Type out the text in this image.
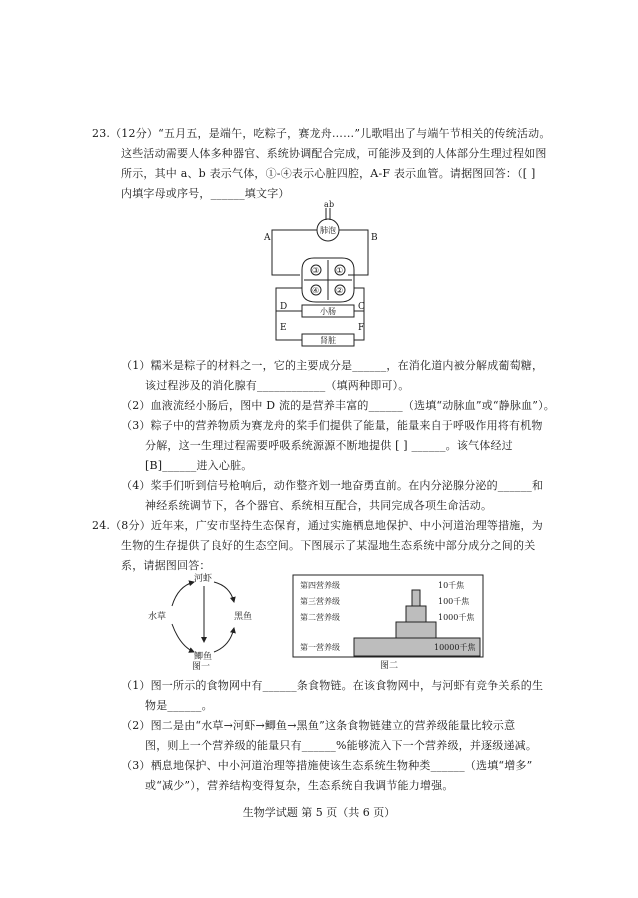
23.（12分）“五月五，是端午，吃粽子，赛龙舟……”儿歌唱出了与端午节相关的传统活动。
这些活动需要人体多种器官、系统协调配合完成，可能涉及到的人体部分生理过程如图
所示，其中 a、b 表示气体，①-④表示心脏四腔，A-F 表示血管。请据图回答：（[ ]
内填字母或序号，______填文字）
a b
肺泡
A	B
C
D
E	F
③ ①
④ ②
小肠
肾脏
（1）糯米是粽子的材料之一，它的主要成分是______，在消化道内被分解成葡萄糖，
该过程涉及的消化腺有____________（填两种即可）。
（2）血液流经小肠后，图中 D 流的是营养丰富的______（选填“动脉血”或“静脉血”）。
（3）粽子中的营养物质为赛龙舟的桨手们提供了能量，能量来自于呼吸作用将有机物
分解，这一生理过程需要呼吸系统源源不断地提供 [ ] ______。该气体经过
[B]______进入心脏。
（4）桨手们听到信号枪响后，动作整齐划一地奋勇直前。在内分泌腺分泌的______和
神经系统调节下，各个器官、系统相互配合，共同完成各项生命活动。
24.（8分）近年来，广安市坚持生态保育，通过实施栖息地保护、中小河道治理等措施，为
生物的生存提供了良好的生态空间。下图展示了某湿地生态系统中部分成分之间的关
系，请据图回答：
河虾
水草	黑鱼
鲫鱼
图一
第四营养级
第三营养级
第二营养级
第一营养级
10千焦
100千焦
1000千焦
10000千焦
图二
（1）图一所示的食物网中有______条食物链。在该食物网中，与河虾有竞争关系的生
物是______。
（2）图二是由“水草→河虾→鲫鱼→黑鱼”这条食物链建立的营养级能量比较示意
图，则上一个营养级的能量只有______%能够流入下一个营养级，并逐级递减。
（3）栖息地保护、中小河道治理等措施使该生态系统生物种类______（选填“增多”
或“减少”），营养结构变得复杂，生态系统自我调节能力增强。
生物学试题 第 5 页（共 6 页）
